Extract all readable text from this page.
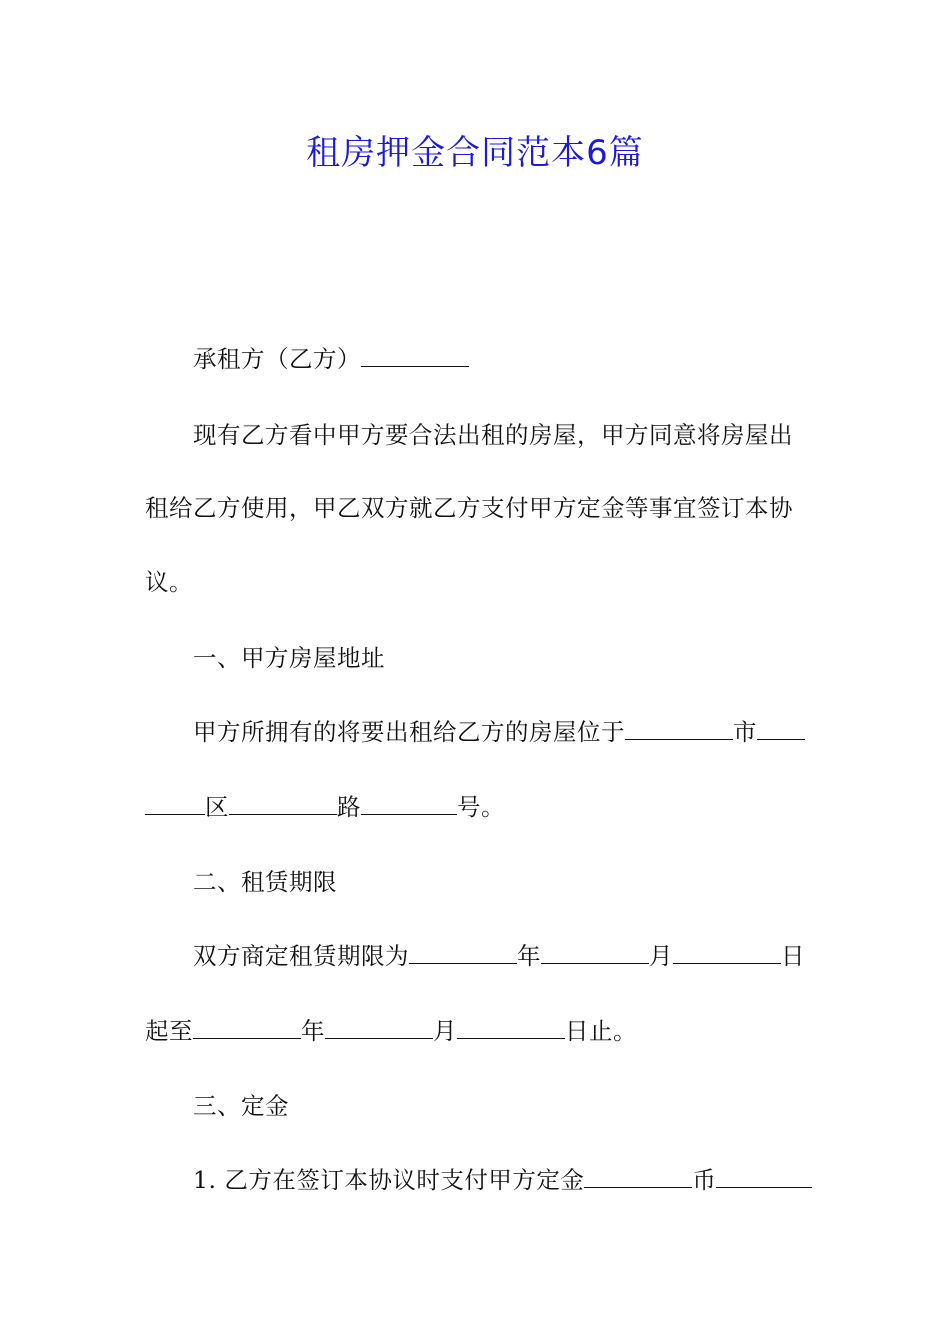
租房押金合同范本6篇
承租方（乙方）
现有乙方看中甲方要合法出租的房屋，甲方同意将房屋出
租给乙方使用，甲乙双方就乙方支付甲方定金等事宜签订本协
议。
一、甲方房屋地址
甲方所拥有的将要出租给乙方的房屋位于	市
区	路	号。
二、租赁期限
双方商定租赁期限为	年	月	日
起至	年	月	日止。
三、定金
1. 乙方在签订本协议时支付甲方定金	币
